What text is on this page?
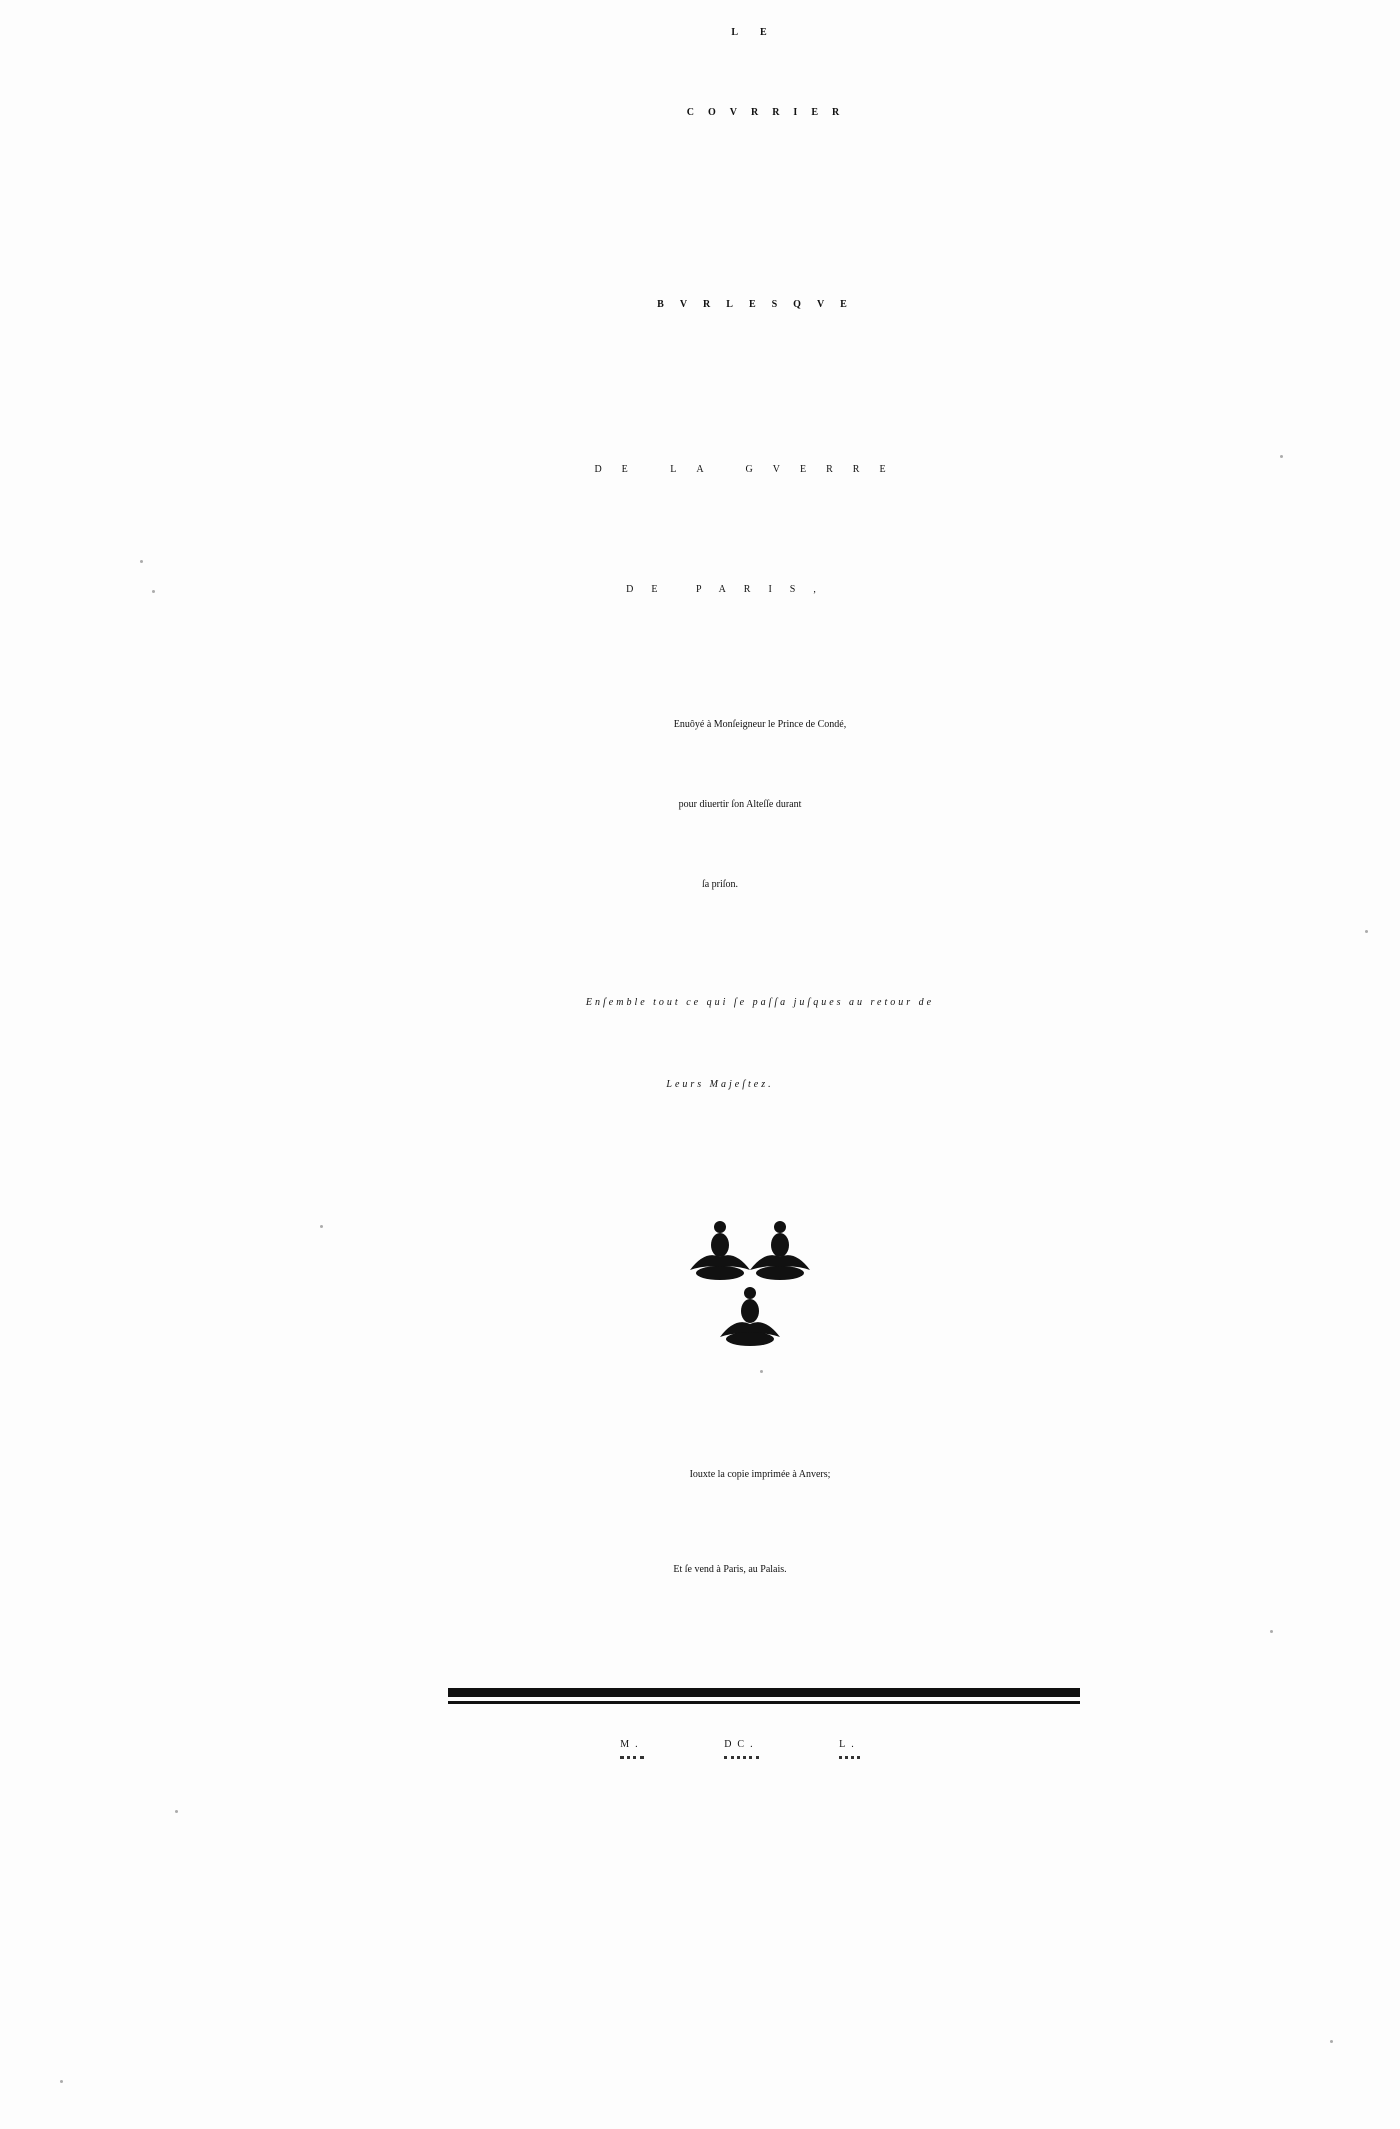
LE
COVRRIER
BVRLESQVE
DE LA GVERRE
DE PARIS,
Enuôyé à Monſeigneur le Prince de Condé,
pour diuertir ſon Alteſſe durant
ſa priſon.
Enſemble tout ce qui ſe paſſa juſques au retour de
Leurs Majeſtez.
Iouxte la copie imprimée à Anvers;
Et ſe vend à Paris, au Palais.
M.	DC.	L.
